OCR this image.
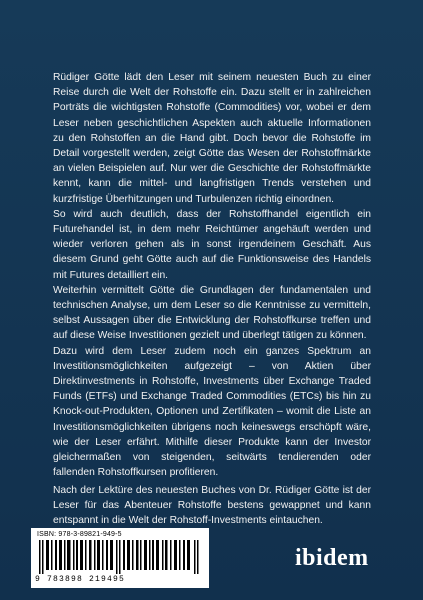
Rüdiger Götte lädt den Leser mit seinem neuesten Buch zu einer Reise durch die Welt der Rohstoffe ein. Dazu stellt er in zahlreichen Porträts die wichtigsten Rohstoffe (Commodities) vor, wobei er dem Leser neben geschichtlichen Aspekten auch aktuelle Informationen zu den Rohstoffen an die Hand gibt. Doch bevor die Rohstoffe im Detail vorgestellt werden, zeigt Götte das Wesen der Rohstoffmärkte an vielen Beispielen auf. Nur wer die Geschichte der Rohstoffmärkte kennt, kann die mittel- und langfristigen Trends verstehen und kurzfristige Überhitzungen und Turbulenzen richtig einordnen.

So wird auch deutlich, dass der Rohstoffhandel eigentlich ein Futurehandel ist, in dem mehr Reichtümer angehäuft werden und wieder verloren gehen als in sonst irgendeinem Geschäft. Aus diesem Grund geht Götte auch auf die Funktionsweise des Handels mit Futures detailliert ein.

Weiterhin vermittelt Götte die Grundlagen der fundamentalen und technischen Analyse, um dem Leser so die Kenntnisse zu vermitteln, selbst Aussagen über die Entwicklung der Rohstoffkurse treffen und auf diese Weise Investitionen gezielt und überlegt tätigen zu können.

Dazu wird dem Leser zudem noch ein ganzes Spektrum an Investitionsmöglichkeiten aufgezeigt – von Aktien über Direktinvestments in Rohstoffe, Investments über Exchange Traded Funds (ETFs) und Exchange Traded Commodities (ETCs) bis hin zu Knock-out-Produkten, Optionen und Zertifikaten – womit die Liste an Investitionsmöglichkeiten übrigens noch keineswegs erschöpft wäre, wie der Leser erfährt. Mithilfe dieser Produkte kann der Investor gleichermaßen von steigenden, seitwärts tendierenden oder fallenden Rohstoffkursen profitieren.

Nach der Lektüre des neuesten Buches von Dr. Rüdiger Götte ist der Leser für das Abenteuer Rohstoffe bestens gewappnet und kann entspannt in die Welt der Rohstoff-Investments eintauchen.

ISBN: 978-3-89821-949-5
9 783898 219495
ibidem
